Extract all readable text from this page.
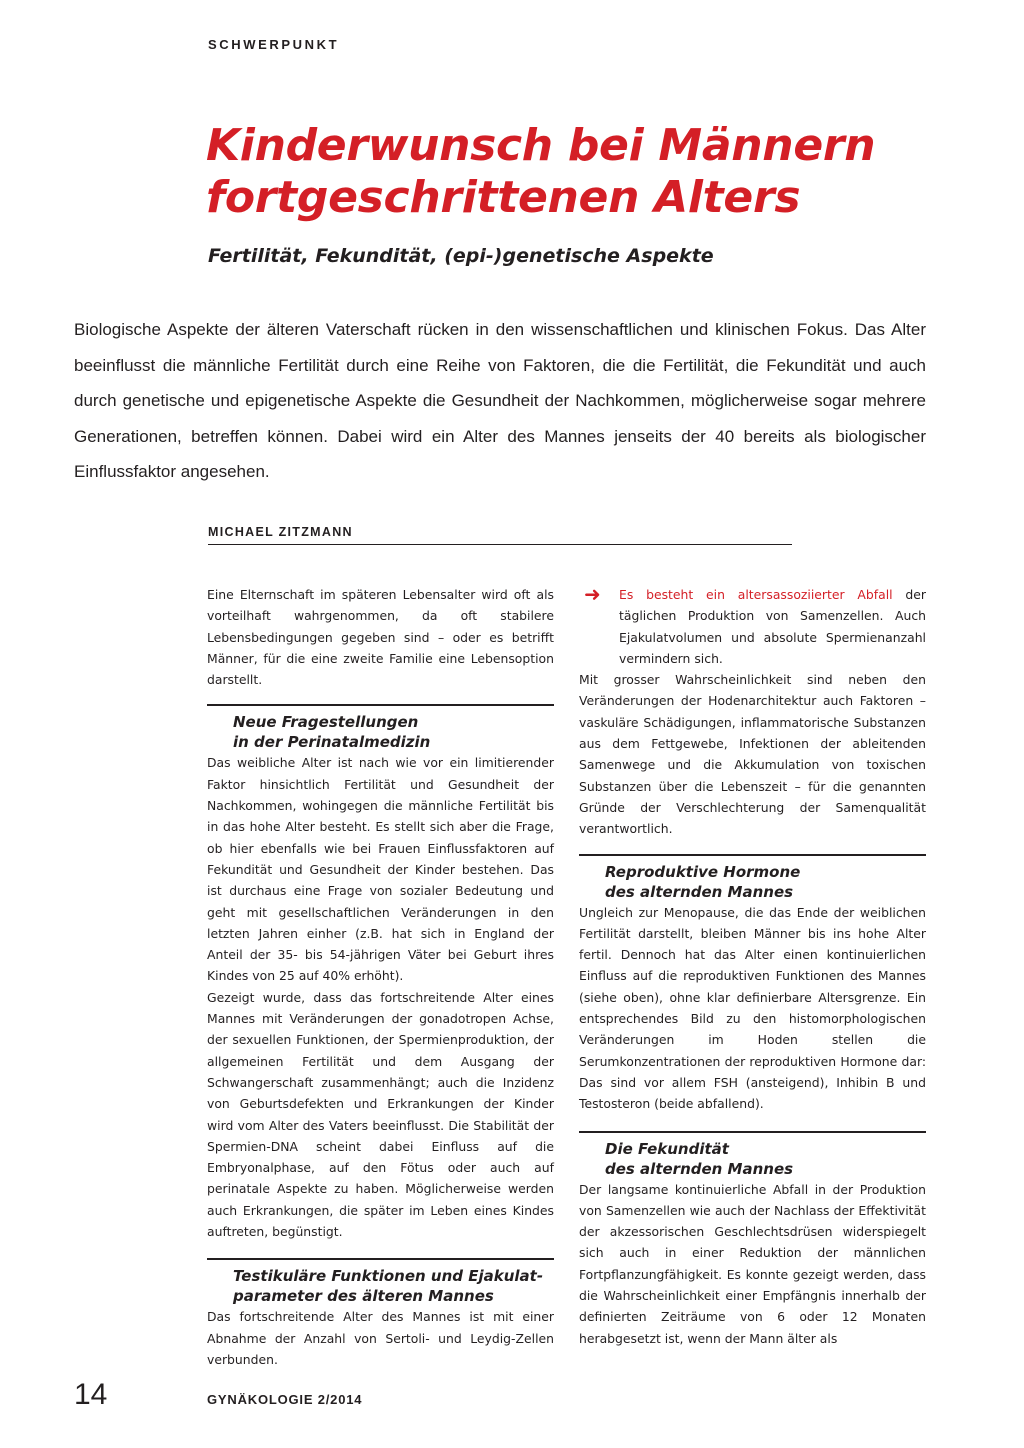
SCHWERPUNKT
Kinderwunsch bei Männern
fortgeschrittenen Alters
Fertilität, Fekundität, (epi-)genetische Aspekte

Biologische Aspekte der älteren Vaterschaft rücken in den wissenschaftlichen und klinischen Fokus. Das Alter beeinflusst die männliche Fertilität durch eine Reihe von Faktoren, die die Fertilität, die Fekundität und auch durch genetische und epigenetische Aspekte die Gesundheit der Nachkommen, möglicherweise sogar mehrere Generationen, betreffen können. Dabei wird ein Alter des Mannes jenseits der 40 bereits als biologischer Einflussfaktor angesehen.

MICHAEL ZITZMANN

Eine Elternschaft im späteren Lebensalter wird oft als vorteilhaft wahrgenommen, da oft stabilere Lebensbedingungen gegeben sind – oder es betrifft Männer, für die eine zweite Familie eine Lebensoption darstellt.

Neue Fragestellungen
in der Perinatalmedizin

Das weibliche Alter ist nach wie vor ein limitierender Faktor hinsichtlich Fertilität und Gesundheit der Nachkommen, wohingegen die männliche Fertilität bis in das hohe Alter besteht. Es stellt sich aber die Frage, ob hier ebenfalls wie bei Frauen Einflussfaktoren auf Fekundität und Gesundheit der Kinder bestehen. Das ist durchaus eine Frage von sozialer Bedeutung und geht mit gesellschaftlichen Veränderungen in den letzten Jahren einher (z.B. hat sich in England der Anteil der 35- bis 54-jährigen Väter bei Geburt ihres Kindes von 25 auf 40% erhöht).

Gezeigt wurde, dass das fortschreitende Alter eines Mannes mit Veränderungen der gonadotropen Achse, der sexuellen Funktionen, der Spermienproduktion, der allgemeinen Fertilität und dem Ausgang der Schwangerschaft zusammenhängt; auch die Inzidenz von Geburtsdefekten und Erkrankungen der Kinder wird vom Alter des Vaters beeinflusst. Die Stabilität der Spermien-DNA scheint dabei Einfluss auf die Embryonalphase, auf den Fötus oder auch auf perinatale Aspekte zu haben. Möglicherweise werden auch Erkrankungen, die später im Leben eines Kindes auftreten, begünstigt.

Testikuläre Funktionen und Ejakulat-
parameter des älteren Mannes

Das fortschreitende Alter des Mannes ist mit einer Abnahme der Anzahl von Sertoli- und Leydig-Zellen verbunden.

➜ Es besteht ein altersassoziierter Abfall der täglichen Produktion von Samenzellen. Auch Ejakulatvolumen und absolute Spermienanzahl vermindern sich.

Mit grosser Wahrscheinlichkeit sind neben den Veränderungen der Hodenarchitektur auch Faktoren – vaskuläre Schädigungen, inflammatorische Substanzen aus dem Fettgewebe, Infektionen der ableitenden Samenwege und die Akkumulation von toxischen Substanzen über die Lebenszeit – für die genannten Gründe der Verschlechterung der Samenqualität verantwortlich.

Reproduktive Hormone
des alternden Mannes

Ungleich zur Menopause, die das Ende der weiblichen Fertilität darstellt, bleiben Männer bis ins hohe Alter fertil. Dennoch hat das Alter einen kontinuierlichen Einfluss auf die reproduktiven Funktionen des Mannes (siehe oben), ohne klar definierbare Altersgrenze. Ein entsprechendes Bild zu den histomorphologischen Veränderungen im Hoden stellen die Serumkonzentrationen der reproduktiven Hormone dar: Das sind vor allem FSH (ansteigend), Inhibin B und Testosteron (beide abfallend).

Die Fekundität
des alternden Mannes

Der langsame kontinuierliche Abfall in der Produktion von Samenzellen wie auch der Nachlass der Effektivität der akzessorischen Geschlechtsdrüsen widerspiegelt sich auch in einer Reduktion der männlichen Fortpflanzungfähigkeit. Es konnte gezeigt werden, dass die Wahrscheinlichkeit einer Empfängnis innerhalb der definierten Zeiträume von 6 oder 12 Monaten herabgesetzt ist, wenn der Mann älter als

14	GYNÄKOLOGIE 2/2014
